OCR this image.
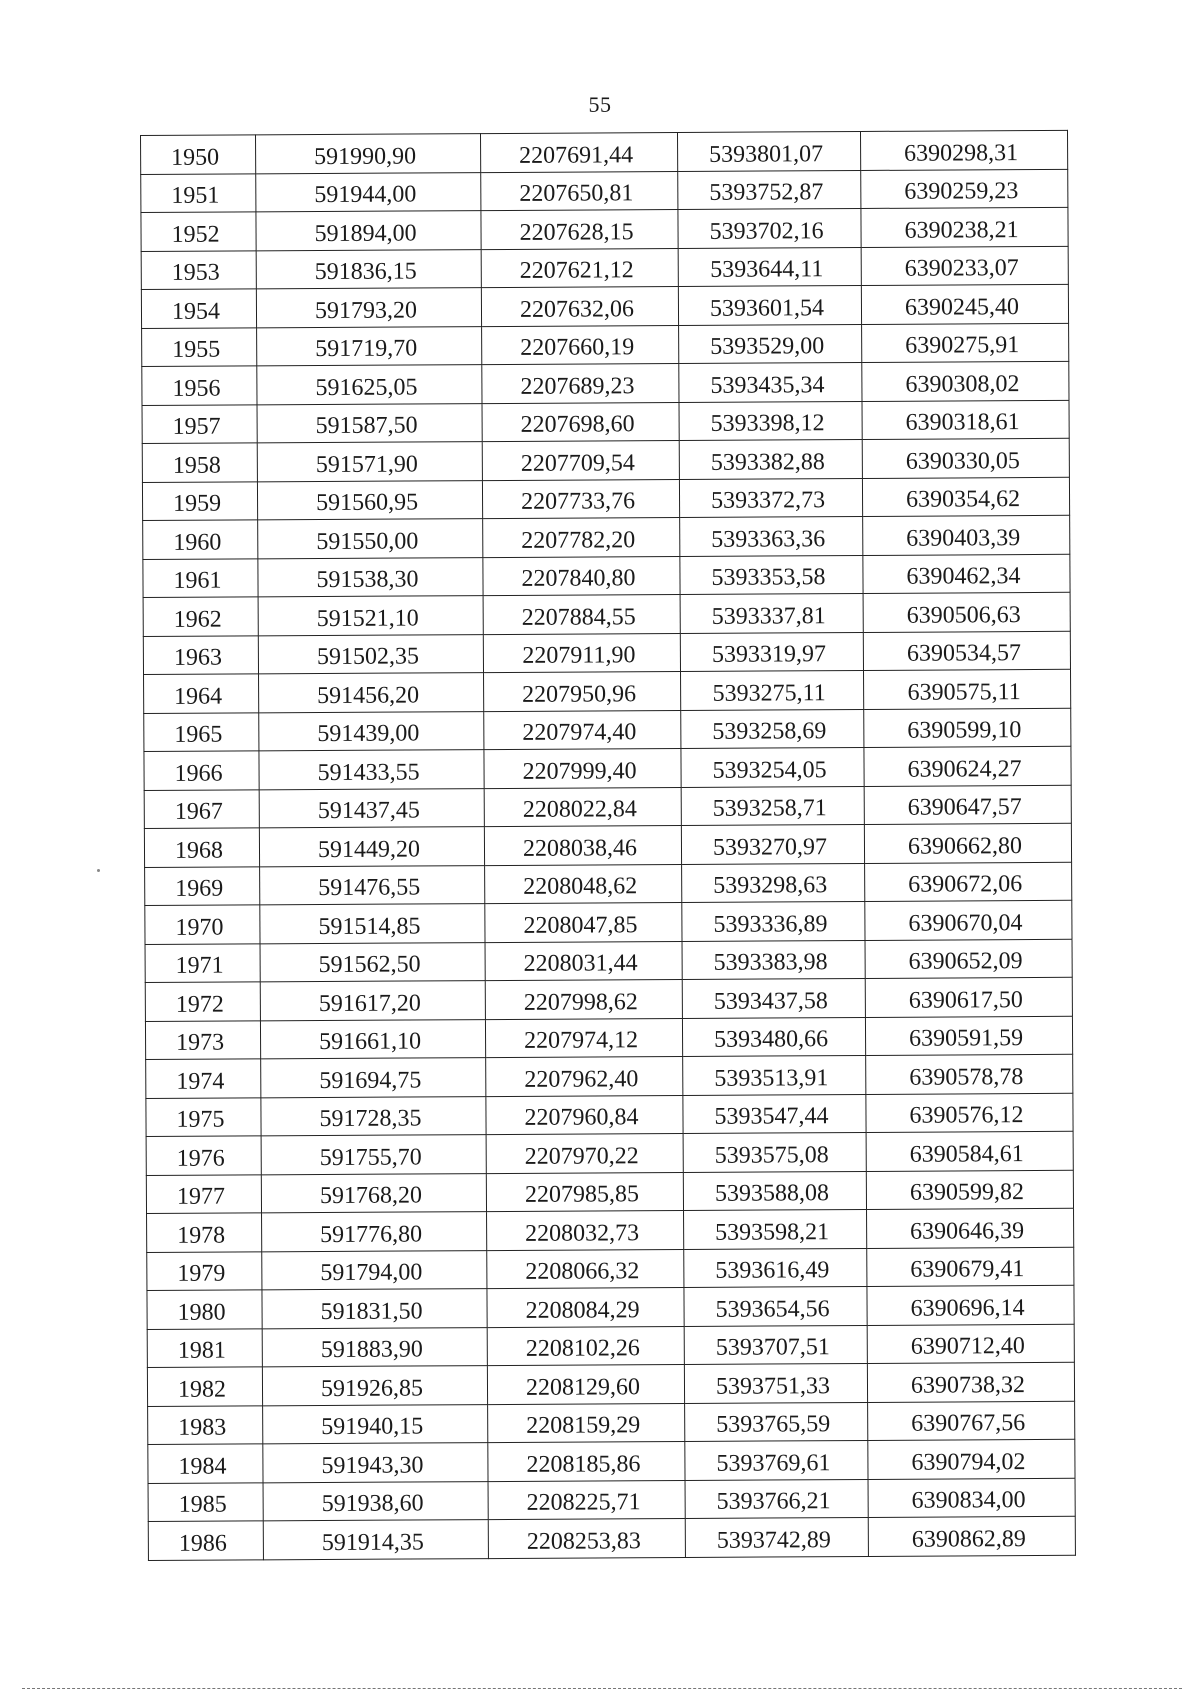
55
1950	591990,90	2207691,44	5393801,07	6390298,31
1951	591944,00	2207650,81	5393752,87	6390259,23
1952	591894,00	2207628,15	5393702,16	6390238,21
1953	591836,15	2207621,12	5393644,11	6390233,07
1954	591793,20	2207632,06	5393601,54	6390245,40
1955	591719,70	2207660,19	5393529,00	6390275,91
1956	591625,05	2207689,23	5393435,34	6390308,02
1957	591587,50	2207698,60	5393398,12	6390318,61
1958	591571,90	2207709,54	5393382,88	6390330,05
1959	591560,95	2207733,76	5393372,73	6390354,62
1960	591550,00	2207782,20	5393363,36	6390403,39
1961	591538,30	2207840,80	5393353,58	6390462,34
1962	591521,10	2207884,55	5393337,81	6390506,63
1963	591502,35	2207911,90	5393319,97	6390534,57
1964	591456,20	2207950,96	5393275,11	6390575,11
1965	591439,00	2207974,40	5393258,69	6390599,10
1966	591433,55	2207999,40	5393254,05	6390624,27
1967	591437,45	2208022,84	5393258,71	6390647,57
1968	591449,20	2208038,46	5393270,97	6390662,80
1969	591476,55	2208048,62	5393298,63	6390672,06
1970	591514,85	2208047,85	5393336,89	6390670,04
1971	591562,50	2208031,44	5393383,98	6390652,09
1972	591617,20	2207998,62	5393437,58	6390617,50
1973	591661,10	2207974,12	5393480,66	6390591,59
1974	591694,75	2207962,40	5393513,91	6390578,78
1975	591728,35	2207960,84	5393547,44	6390576,12
1976	591755,70	2207970,22	5393575,08	6390584,61
1977	591768,20	2207985,85	5393588,08	6390599,82
1978	591776,80	2208032,73	5393598,21	6390646,39
1979	591794,00	2208066,32	5393616,49	6390679,41
1980	591831,50	2208084,29	5393654,56	6390696,14
1981	591883,90	2208102,26	5393707,51	6390712,40
1982	591926,85	2208129,60	5393751,33	6390738,32
1983	591940,15	2208159,29	5393765,59	6390767,56
1984	591943,30	2208185,86	5393769,61	6390794,02
1985	591938,60	2208225,71	5393766,21	6390834,00
1986	591914,35	2208253,83	5393742,89	6390862,89
